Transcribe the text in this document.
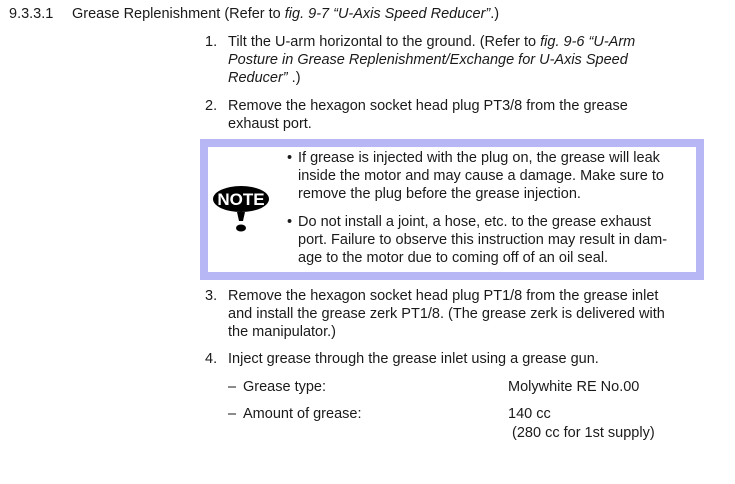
9.3.3.1 Grease Replenishment (Refer to fig. 9-7 “U-Axis Speed Reducer”.)
1. Tilt the U-arm horizontal to the ground. (Refer to fig. 9-6 “U-Arm
Posture in Grease Replenishment/Exchange for U-Axis Speed
Reducer” .)
2. Remove the hexagon socket head plug PT3/8 from the grease
exhaust port.
NOTE
• If grease is injected with the plug on, the grease will leak
inside the motor and may cause a damage. Make sure to
remove the plug before the grease injection.
• Do not install a joint, a hose, etc. to the grease exhaust
port. Failure to observe this instruction may result in dam-
age to the motor due to coming off of an oil seal.
3. Remove the hexagon socket head plug PT1/8 from the grease inlet
and install the grease zerk PT1/8. (The grease zerk is delivered with
the manipulator.)
4. Inject grease through the grease inlet using a grease gun.
– Grease type:	Molywhite RE No.00
– Amount of grease:	140 cc
(280 cc for 1st supply)
